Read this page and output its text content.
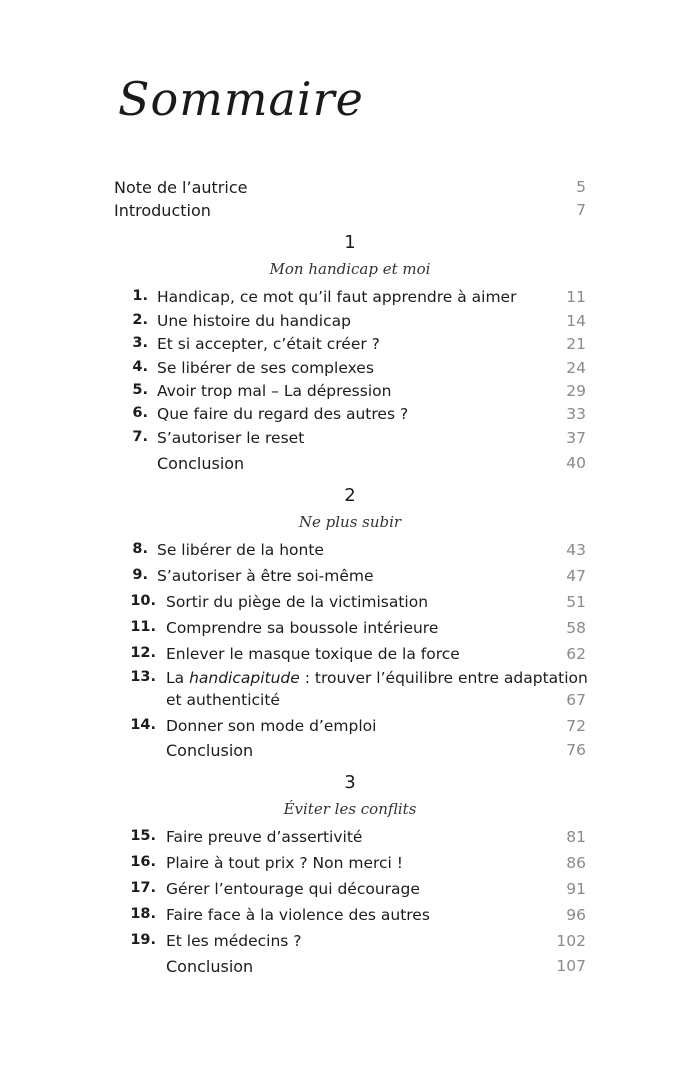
Sommaire
Note de l’autrice	5
Introduction	7
1
Mon handicap et moi
1. Handicap, ce mot qu’il faut apprendre à aimer	11
2. Une histoire du handicap	14
3. Et si accepter, c’était créer ?	21
4. Se libérer de ses complexes	24
5. Avoir trop mal – La dépression	29
6. Que faire du regard des autres ?	33
7. S’autoriser le reset	37
Conclusion	40
2
Ne plus subir
8. Se libérer de la honte	43
9. S’autoriser à être soi-même	47
10. Sortir du piège de la victimisation	51
11. Comprendre sa boussole intérieure	58
12. Enlever le masque toxique de la force	62
13. La handicapitude : trouver l’équilibre entre adaptation
et authenticité	67
14. Donner son mode d’emploi	72
Conclusion	76
3
Éviter les conflits
15. Faire preuve d’assertivité	81
16. Plaire à tout prix ? Non merci !	86
17. Gérer l’entourage qui décourage	91
18. Faire face à la violence des autres	96
19. Et les médecins ?	102
Conclusion	107
